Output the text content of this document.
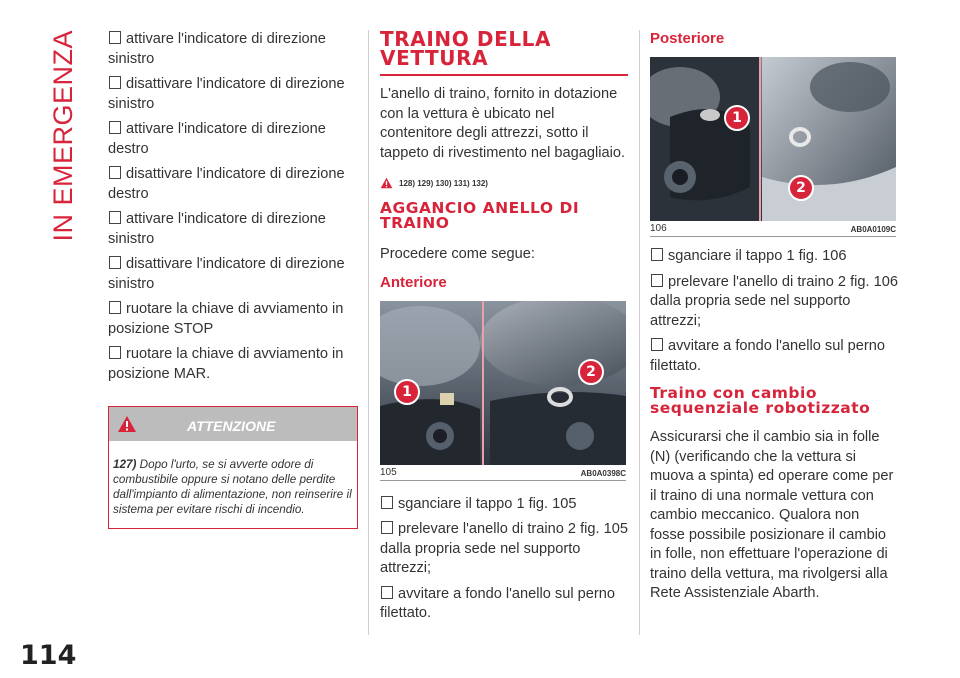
IN EMERGENZA
114

attivare l'indicatore di direzione sinistro

disattivare l'indicatore di direzione sinistro

attivare l'indicatore di direzione destro

disattivare l'indicatore di direzione destro

attivare l'indicatore di direzione sinistro

disattivare l'indicatore di direzione sinistro

ruotare la chiave di avviamento in posizione STOP

ruotare la chiave di avviamento in posizione MAR.

ATTENZIONE
127) Dopo l'urto, se si avverte odore di combustibile oppure si notano delle perdite dall'impianto di alimentazione, non reinserire il sistema per evitare rischi di incendio.
TRAINO DELLA VETTURA

L'anello di traino, fornito in dotazione con la vettura è ubicato nel contenitore degli attrezzi, sotto il tappeto di rivestimento nel bagagliaio.

128) 129) 130) 131) 132)
AGGANCIO ANELLO DI TRAINO

Procedere come segue:

Anteriore

1
2
105	AB0A0398C

sganciare il tappo 1 fig. 105

prelevare l'anello di traino 2 fig. 105 dalla propria sede nel supporto attrezzi;

avvitare a fondo l'anello sul perno filettato.

Posteriore

1
2
106	AB0A0109C

sganciare il tappo 1 fig. 106

prelevare l'anello di traino 2 fig. 106 dalla propria sede nel supporto attrezzi;

avvitare a fondo l'anello sul perno filettato.

Traino con cambio sequenziale robotizzato

Assicurarsi che il cambio sia in folle (N) (verificando che la vettura si muova a spinta) ed operare come per il traino di una normale vettura con cambio meccanico. Qualora non fosse possibile posizionare il cambio in folle, non effettuare l'operazione di traino della vettura, ma rivolgersi alla Rete Assistenziale Abarth.
